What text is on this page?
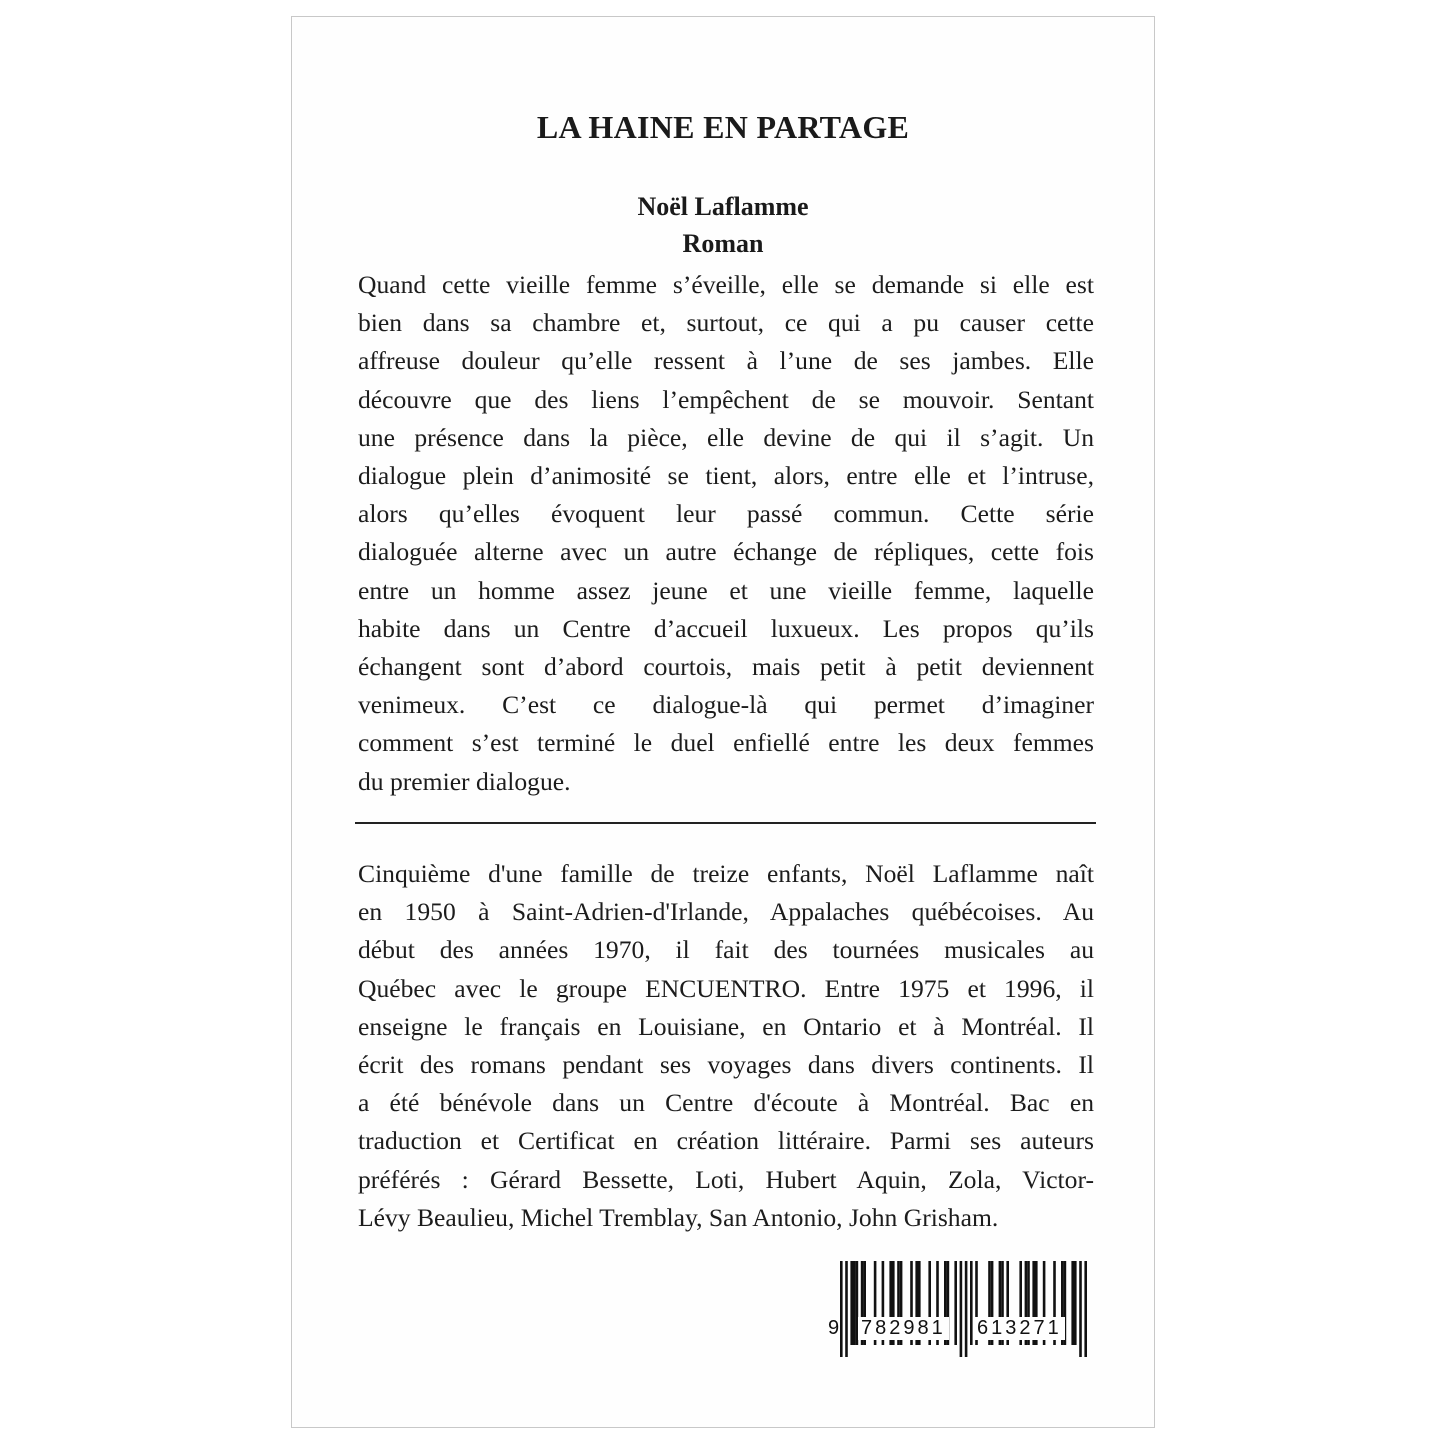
LA HAINE EN PARTAGE
Noël Laflamme
Roman

Quand cette vieille femme s’éveille, elle se demande si elle est
bien dans sa chambre et, surtout, ce qui a pu causer cette
affreuse douleur qu’elle ressent à l’une de ses jambes. Elle
découvre que des liens l’empêchent de se mouvoir. Sentant
une présence dans la pièce, elle devine de qui il s’agit. Un
dialogue plein d’animosité se tient, alors, entre elle et l’intruse,
alors qu’elles évoquent leur passé commun. Cette série
dialoguée alterne avec un autre échange de répliques, cette fois
entre un homme assez jeune et une vieille femme, laquelle
habite dans un Centre d’accueil luxueux. Les propos qu’ils
échangent sont d’abord courtois, mais petit à petit deviennent
venimeux. C’est ce dialogue-là qui permet d’imaginer
comment s’est terminé le duel enfiellé entre les deux femmes
du premier dialogue.

Cinquième d'une famille de treize enfants, Noël Laflamme naît
en 1950 à Saint-Adrien-d'Irlande, Appalaches québécoises. Au
début des années 1970, il fait des tournées musicales au
Québec avec le groupe ENCUENTRO. Entre 1975 et 1996, il
enseigne le français en Louisiane, en Ontario et à Montréal. Il
écrit des romans pendant ses voyages dans divers continents. Il
a été bénévole dans un Centre d'écoute à Montréal. Bac en
traduction et Certificat en création littéraire. Parmi ses auteurs
préférés : Gérard Bessette, Loti, Hubert Aquin, Zola, Victor-
Lévy Beaulieu, Michel Tremblay, San Antonio, John Grisham.

9 782981 613271
